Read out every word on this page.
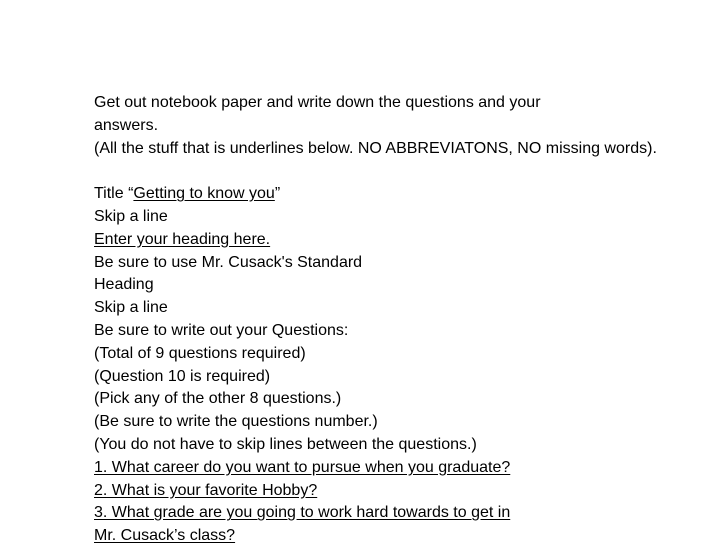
Get out notebook paper and write down the questions and your
answers.
(All the stuff that is underlines below. NO ABBREVIATONS, NO missing words).
Title “Getting to know you”
Skip a line
Enter your heading here.
Be sure to use Mr. Cusack's Standard
Heading
Skip a line
Be sure to write out your Questions:
(Total of 9 questions required)
(Question 10 is required)
(Pick any of the other 8 questions.)
(Be sure to write the questions number.)
(You do not have to skip lines between the questions.)
1. What career do you want to pursue when you graduate?
2. What is your favorite Hobby?
3. What grade are you going to work hard towards to get in
Mr. Cusack’s class?
